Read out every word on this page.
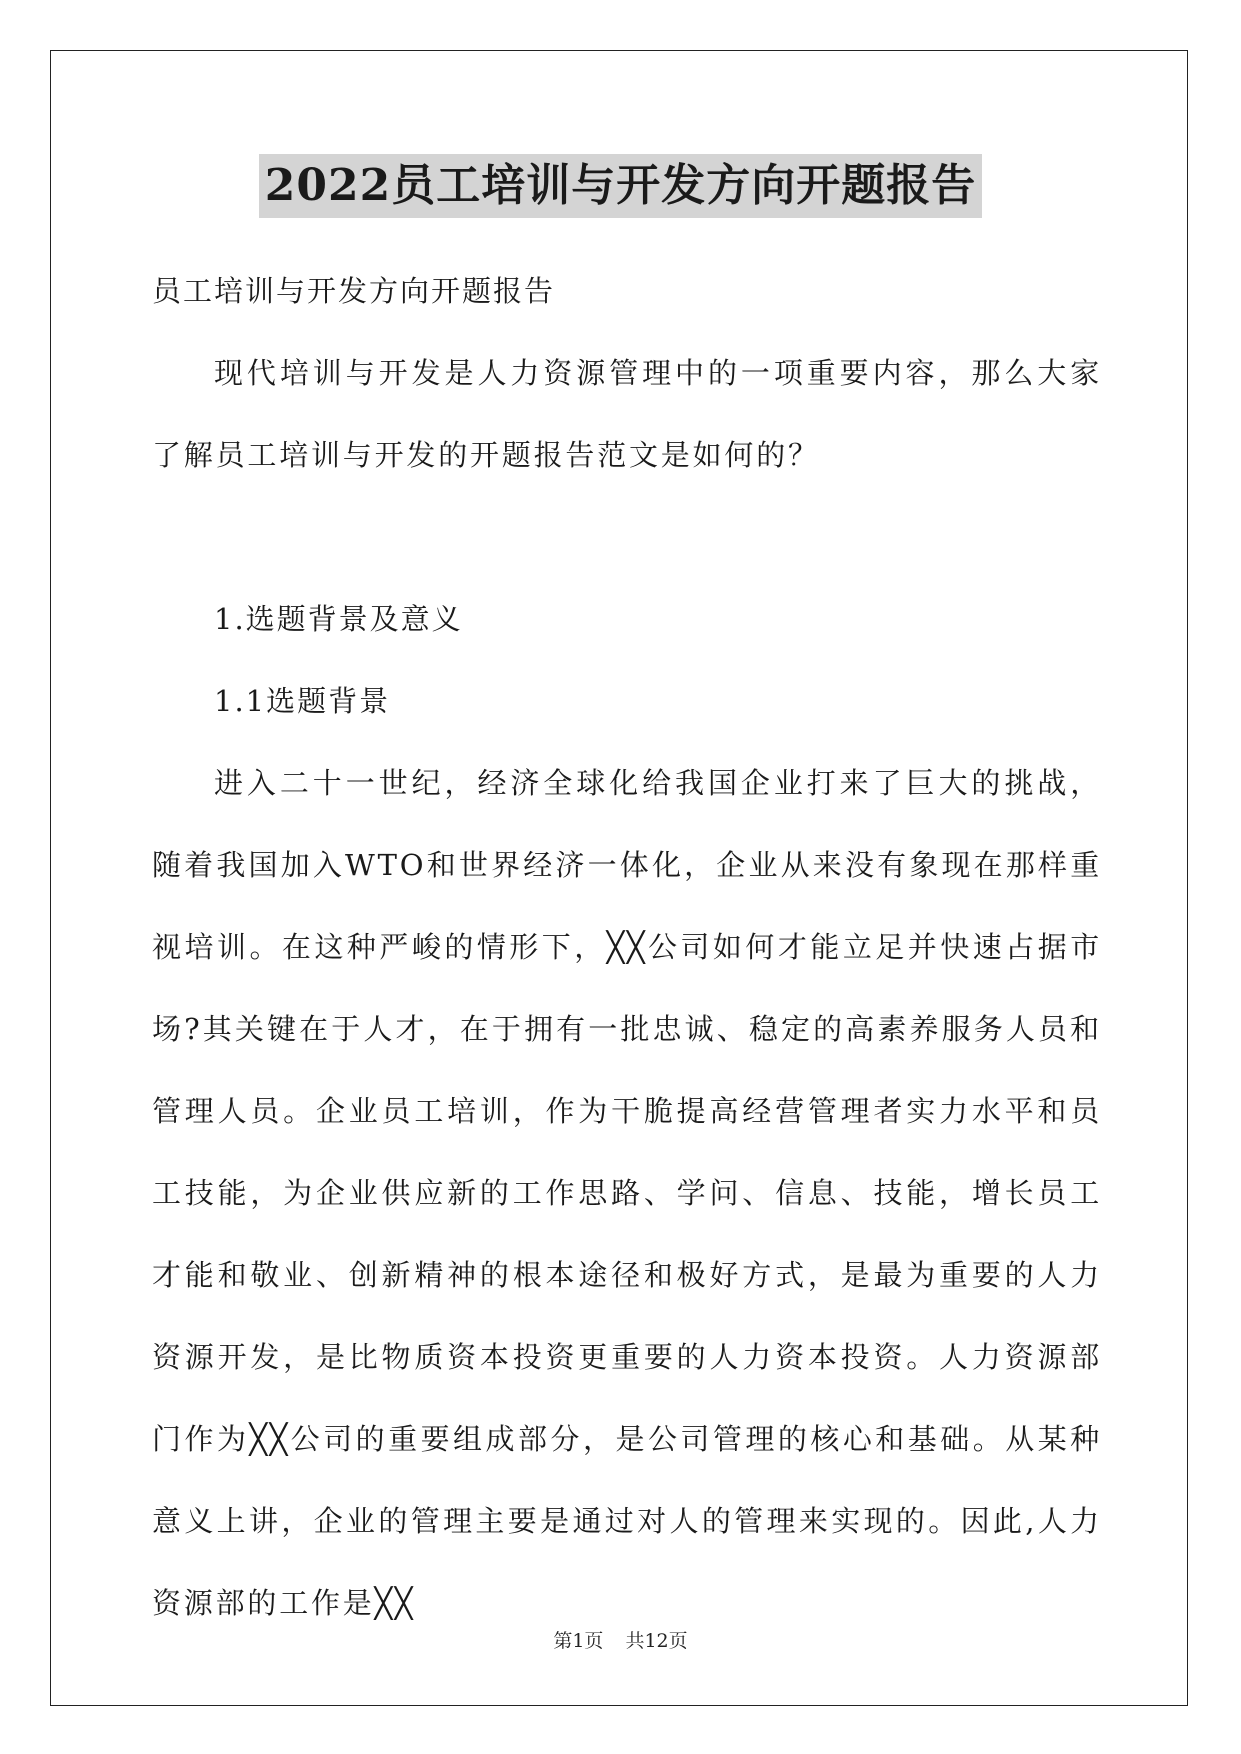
2022员工培训与开发方向开题报告

员工培训与开发方向开题报告

现代培训与开发是人力资源管理中的一项重要内容，那么大家了解员工培训与开发的开题报告范文是如何的？

1.选题背景及意义

1.1选题背景

进入二十一世纪，经济全球化给我国企业打来了巨大的挑战，随着我国加入WTO和世界经济一体化，企业从来没有象现在那样重视培训。在这种严峻的情形下，╳╳公司如何才能立足并快速占据市场?其关键在于人才，在于拥有一批忠诚、稳定的高素养服务人员和管理人员。企业员工培训，作为干脆提高经营管理者实力水平和员工技能，为企业供应新的工作思路、学问、信息、技能，增长员工才能和敬业、创新精神的根本途径和极好方式，是最为重要的人力资源开发，是比物质资本投资更重要的人力资本投资。人力资源部门作为╳╳公司的重要组成部分，是公司管理的核心和基础。从某种意义上讲，企业的管理主要是通过对人的管理来实现的。因此,人力资源部的工作是╳╳

第1页 共12页
